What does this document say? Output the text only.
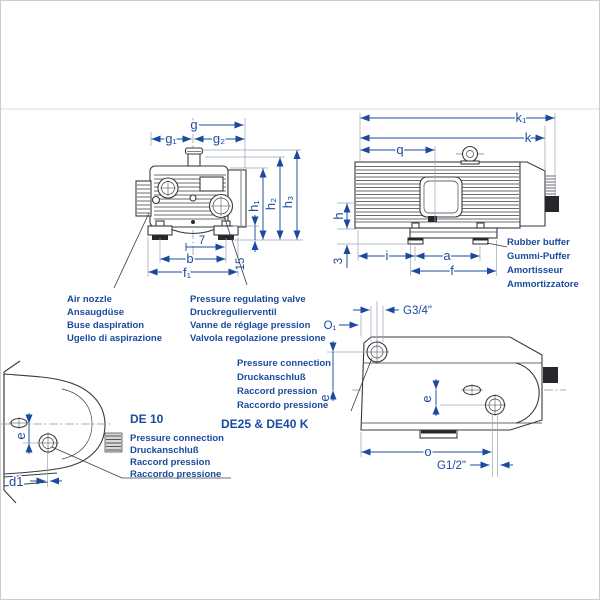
g
g₁	g₂
h₁ h₂ h₃
15
7
b
f₁
k₁
k
q
h
3	i	a
f
O₁
G3/4"
e	e
o
G1/2"
e
d1
Air nozzle
Ansaugdüse
Buse daspiration
Ugello di aspirazione
Pressure regulating valve
Druckregulierventil
Vanne de réglage pression
Valvola regolazione pressione
Rubber buffer
Gummi-Puffer
Amortisseur
Ammortizzatore
Pressure connection
Druckanschluß
Raccord pression
Raccordo pressione
DE25 & DE40 K
DE 10
Pressure connection
Druckanschluß
Raccord pression
Raccordo pressione
